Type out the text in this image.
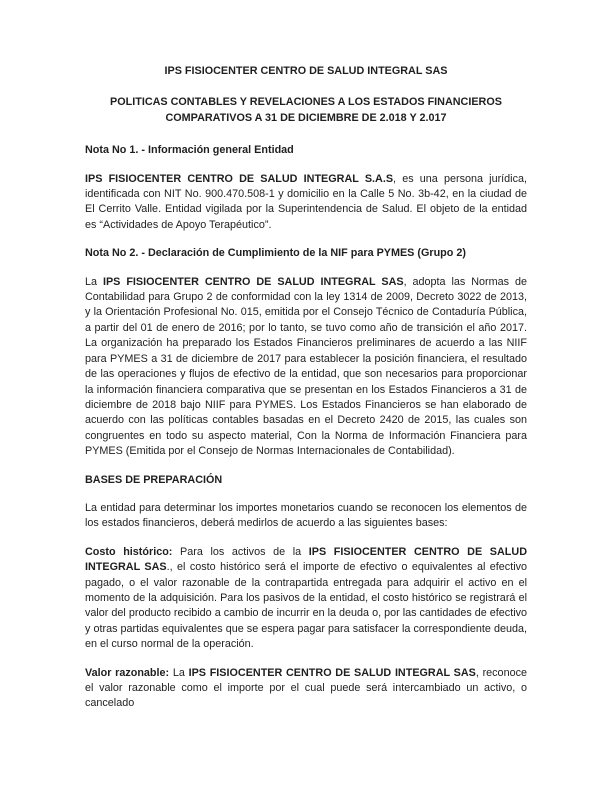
IPS FISIOCENTER CENTRO DE SALUD INTEGRAL SAS
POLITICAS CONTABLES Y REVELACIONES A LOS ESTADOS FINANCIEROS
COMPARATIVOS A 31 DE DICIEMBRE DE 2.018 Y 2.017
Nota No 1. - Información general Entidad

IPS FISIOCENTER CENTRO DE SALUD INTEGRAL S.A.S, es una persona jurídica, identificada con NIT No. 900.470.508-1 y domicilio en la Calle 5 No. 3b-42, en la ciudad de El Cerrito Valle. Entidad vigilada por la Superintendencia de Salud. El objeto de la entidad es “Actividades de Apoyo Terapéutico”.

Nota No 2. - Declaración de Cumplimiento de la NIF para PYMES (Grupo 2)

La IPS FISIOCENTER CENTRO DE SALUD INTEGRAL SAS, adopta las Normas de Contabilidad para Grupo 2 de conformidad con la ley 1314 de 2009, Decreto 3022 de 2013, y la Orientación Profesional No. 015, emitida por el Consejo Técnico de Contaduría Pública, a partir del 01 de enero de 2016; por lo tanto, se tuvo como año de transición el año 2017. La organización ha preparado los Estados Financieros preliminares de acuerdo a las NIIF para PYMES a 31 de diciembre de 2017 para establecer la posición financiera, el resultado de las operaciones y flujos de efectivo de la entidad, que son necesarios para proporcionar la información financiera comparativa que se presentan en los Estados Financieros a 31 de diciembre de 2018 bajo NIIF para PYMES. Los Estados Financieros se han elaborado de acuerdo con las políticas contables basadas en el Decreto 2420 de 2015, las cuales son congruentes en todo su aspecto material, Con la Norma de Información Financiera para PYMES (Emitida por el Consejo de Normas Internacionales de Contabilidad).

BASES DE PREPARACIÓN

La entidad para determinar los importes monetarios cuando se reconocen los elementos de los estados financieros, deberá medirlos de acuerdo a las siguientes bases:

Costo histórico: Para los activos de la IPS FISIOCENTER CENTRO DE SALUD INTEGRAL SAS., el costo histórico será el importe de efectivo o equivalentes al efectivo pagado, o el valor razonable de la contrapartida entregada para adquirir el activo en el momento de la adquisición. Para los pasivos de la entidad, el costo histórico se registrará el valor del producto recibido a cambio de incurrir en la deuda o, por las cantidades de efectivo y otras partidas equivalentes que se espera pagar para satisfacer la correspondiente deuda, en el curso normal de la operación.

Valor razonable: La IPS FISIOCENTER CENTRO DE SALUD INTEGRAL SAS, reconoce el valor razonable como el importe por el cual puede será intercambiado un activo, o cancelado
